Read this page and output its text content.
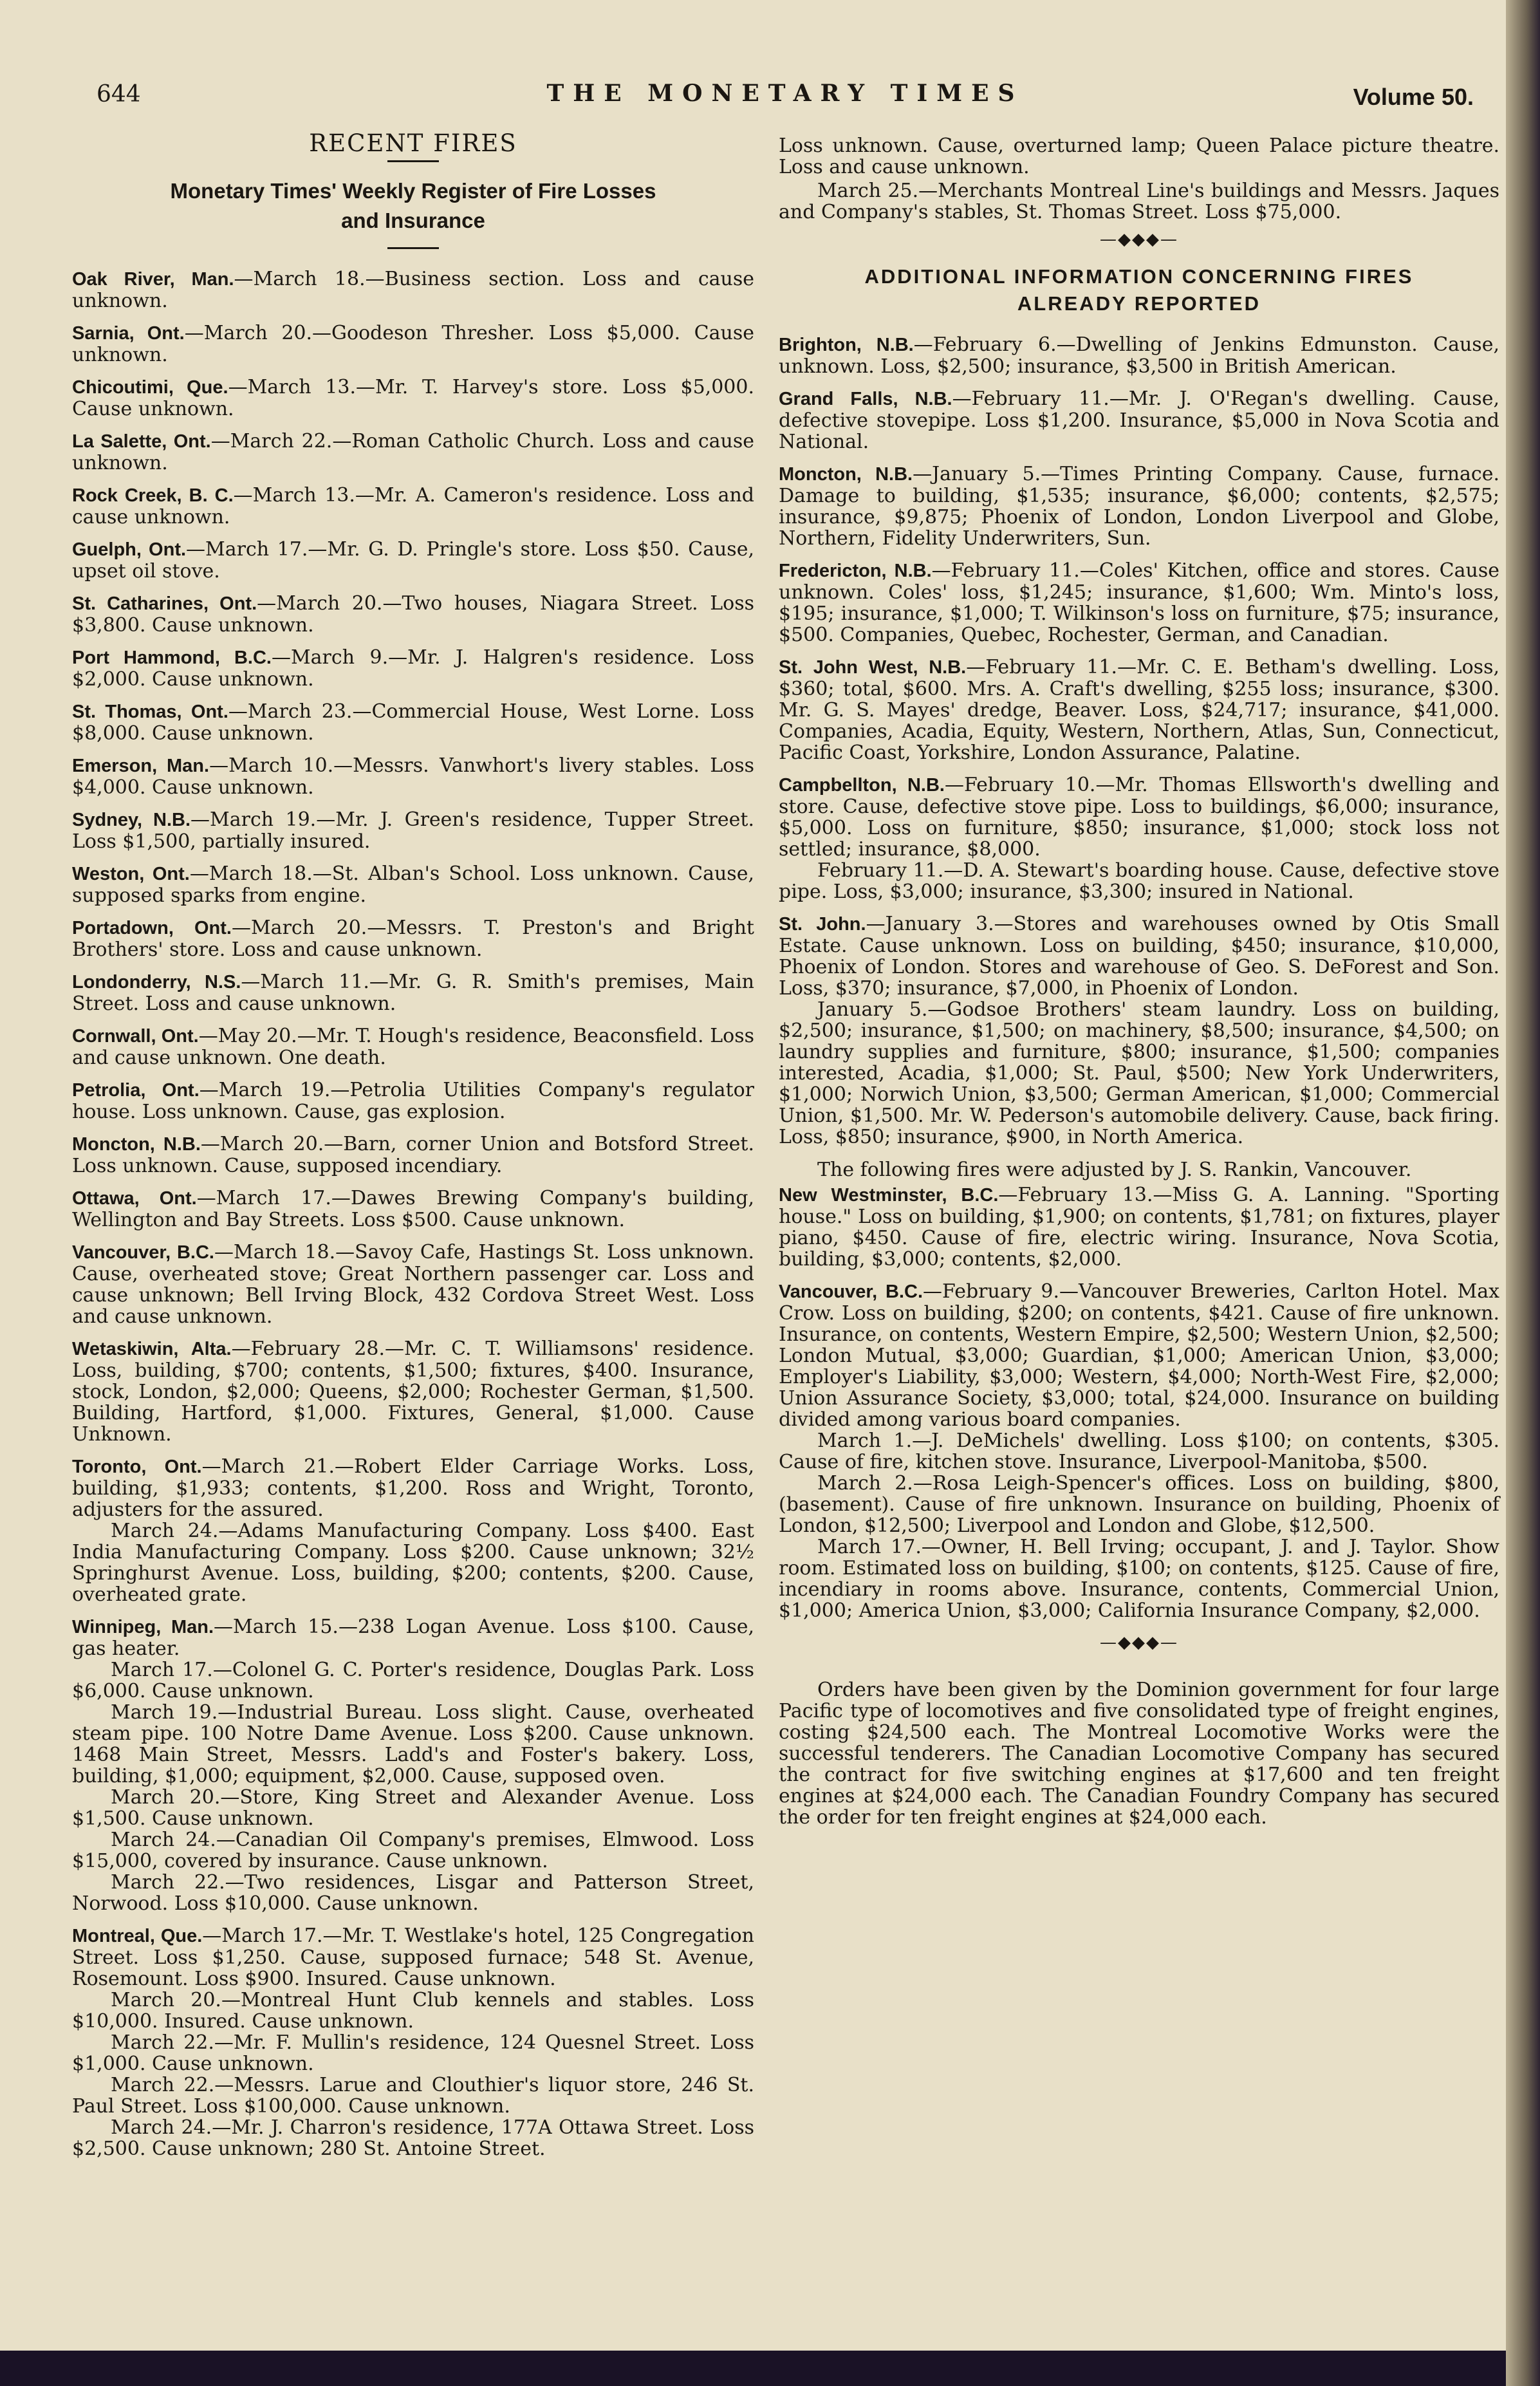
644	THE MONETARY TIMES	Volume 50.
RECENT FIRES
Monetary Times' Weekly Register of Fire Losses
and Insurance

Oak River, Man.—March 18.—Business section. Loss and cause unknown.

Sarnia, Ont.—March 20.—Goodeson Thresher. Loss $5,000. Cause unknown.

Chicoutimi, Que.—March 13.—Mr. T. Harvey's store. Loss $5,000. Cause unknown.

La Salette, Ont.—March 22.—Roman Catholic Church. Loss and cause unknown.

Rock Creek, B. C.—March 13.—Mr. A. Cameron's residence. Loss and cause unknown.

Guelph, Ont.—March 17.—Mr. G. D. Pringle's store. Loss $50. Cause, upset oil stove.

St. Catharines, Ont.—March 20.—Two houses, Niagara Street. Loss $3,800. Cause unknown.

Port Hammond, B.C.—March 9.—Mr. J. Halgren's residence. Loss $2,000. Cause unknown.

St. Thomas, Ont.—March 23.—Commercial House, West Lorne. Loss $8,000. Cause unknown.

Emerson, Man.—March 10.—Messrs. Vanwhort's livery stables. Loss $4,000. Cause unknown.

Sydney, N.B.—March 19.—Mr. J. Green's residence, Tupper Street. Loss $1,500, partially insured.

Weston, Ont.—March 18.—St. Alban's School. Loss unknown. Cause, supposed sparks from engine.

Portadown, Ont.—March 20.—Messrs. T. Preston's and Bright Brothers' store. Loss and cause unknown.

Londonderry, N.S.—March 11.—Mr. G. R. Smith's premises, Main Street. Loss and cause unknown.

Cornwall, Ont.—May 20.—Mr. T. Hough's residence, Beaconsfield. Loss and cause unknown. One death.

Petrolia, Ont.—March 19.—Petrolia Utilities Company's regulator house. Loss unknown. Cause, gas explosion.

Moncton, N.B.—March 20.—Barn, corner Union and Botsford Street. Loss unknown. Cause, supposed incendiary.

Ottawa, Ont.—March 17.—Dawes Brewing Company's building, Wellington and Bay Streets. Loss $500. Cause unknown.

Vancouver, B.C.—March 18.—Savoy Cafe, Hastings St. Loss unknown. Cause, overheated stove; Great Northern passenger car. Loss and cause unknown; Bell Irving Block, 432 Cordova Street West. Loss and cause unknown.

Wetaskiwin, Alta.—February 28.—Mr. C. T. Williamsons' residence. Loss, building, $700; contents, $1,500; fixtures, $400. Insurance, stock, London, $2,000; Queens, $2,000; Rochester German, $1,500. Building, Hartford, $1,000. Fixtures, General, $1,000. Cause Unknown.

Toronto, Ont.—March 21.—Robert Elder Carriage Works. Loss, building, $1,933; contents, $1,200. Ross and Wright, Toronto, adjusters for the assured.

March 24.—Adams Manufacturing Company. Loss $400. East India Manufacturing Company. Loss $200. Cause unknown; 32½ Springhurst Avenue. Loss, building, $200; contents, $200. Cause, overheated grate.

Winnipeg, Man.—March 15.—238 Logan Avenue. Loss $100. Cause, gas heater.

March 17.—Colonel G. C. Porter's residence, Douglas Park. Loss $6,000. Cause unknown.

March 19.—Industrial Bureau. Loss slight. Cause, overheated steam pipe. 100 Notre Dame Avenue. Loss $200. Cause unknown. 1468 Main Street, Messrs. Ladd's and Foster's bakery. Loss, building, $1,000; equipment, $2,000. Cause, supposed oven.

March 20.—Store, King Street and Alexander Avenue. Loss $1,500. Cause unknown.

March 24.—Canadian Oil Company's premises, Elmwood. Loss $15,000, covered by insurance. Cause unknown.

March 22.—Two residences, Lisgar and Patterson Street, Norwood. Loss $10,000. Cause unknown.

Montreal, Que.—March 17.—Mr. T. Westlake's hotel, 125 Congregation Street. Loss $1,250. Cause, supposed furnace; 548 St. Avenue, Rosemount. Loss $900. Insured. Cause unknown.

March 20.—Montreal Hunt Club kennels and stables. Loss $10,000. Insured. Cause unknown.

March 22.—Mr. F. Mullin's residence, 124 Quesnel Street. Loss $1,000. Cause unknown.

March 22.—Messrs. Larue and Clouthier's liquor store, 246 St. Paul Street. Loss $100,000. Cause unknown.

March 24.—Mr. J. Charron's residence, 177A Ottawa Street. Loss $2,500. Cause unknown; 280 St. Antoine Street.

Loss unknown. Cause, overturned lamp; Queen Palace picture theatre. Loss and cause unknown.

March 25.—Merchants Montreal Line's buildings and Messrs. Jaques and Company's stables, St. Thomas Street. Loss $75,000.

—◆◆◆—
ADDITIONAL INFORMATION CONCERNING FIRES
ALREADY REPORTED

Brighton, N.B.—February 6.—Dwelling of Jenkins Edmunston. Cause, unknown. Loss, $2,500; insurance, $3,500 in British American.

Grand Falls, N.B.—February 11.—Mr. J. O'Regan's dwelling. Cause, defective stovepipe. Loss $1,200. Insurance, $5,000 in Nova Scotia and National.

Moncton, N.B.—January 5.—Times Printing Company. Cause, furnace. Damage to building, $1,535; insurance, $6,000; contents, $2,575; insurance, $9,875; Phoenix of London, London Liverpool and Globe, Northern, Fidelity Underwriters, Sun.

Fredericton, N.B.—February 11.—Coles' Kitchen, office and stores. Cause unknown. Coles' loss, $1,245; insurance, $1,600; Wm. Minto's loss, $195; insurance, $1,000; T. Wilkinson's loss on furniture, $75; insurance, $500. Companies, Quebec, Rochester, German, and Canadian.

St. John West, N.B.—February 11.—Mr. C. E. Betham's dwelling. Loss, $360; total, $600. Mrs. A. Craft's dwelling, $255 loss; insurance, $300. Mr. G. S. Mayes' dredge, Beaver. Loss, $24,717; insurance, $41,000. Companies, Acadia, Equity, Western, Northern, Atlas, Sun, Connecticut, Pacific Coast, Yorkshire, London Assurance, Palatine.

Campbellton, N.B.—February 10.—Mr. Thomas Ellsworth's dwelling and store. Cause, defective stove pipe. Loss to buildings, $6,000; insurance, $5,000. Loss on furniture, $850; insurance, $1,000; stock loss not settled; insurance, $8,000.

February 11.—D. A. Stewart's boarding house. Cause, defective stove pipe. Loss, $3,000; insurance, $3,300; insured in National.

St. John.—January 3.—Stores and warehouses owned by Otis Small Estate. Cause unknown. Loss on building, $450; insurance, $10,000, Phoenix of London. Stores and warehouse of Geo. S. DeForest and Son. Loss, $370; insurance, $7,000, in Phoenix of London.

January 5.—Godsoe Brothers' steam laundry. Loss on building, $2,500; insurance, $1,500; on machinery, $8,500; insurance, $4,500; on laundry supplies and furniture, $800; insurance, $1,500; companies interested, Acadia, $1,000; St. Paul, $500; New York Underwriters, $1,000; Norwich Union, $3,500; German American, $1,000; Commercial Union, $1,500. Mr. W. Pederson's automobile delivery. Cause, back firing. Loss, $850; insurance, $900, in North America.

The following fires were adjusted by J. S. Rankin, Vancouver.

New Westminster, B.C.—February 13.—Miss G. A. Lanning. "Sporting house." Loss on building, $1,900; on contents, $1,781; on fixtures, player piano, $450. Cause of fire, electric wiring. Insurance, Nova Scotia, building, $3,000; contents, $2,000.

Vancouver, B.C.—February 9.—Vancouver Breweries, Carlton Hotel. Max Crow. Loss on building, $200; on contents, $421. Cause of fire unknown. Insurance, on contents, Western Empire, $2,500; Western Union, $2,500; London Mutual, $3,000; Guardian, $1,000; American Union, $3,000; Employer's Liability, $3,000; Western, $4,000; North-West Fire, $2,000; Union Assurance Society, $3,000; total, $24,000. Insurance on building divided among various board companies.

March 1.—J. DeMichels' dwelling. Loss $100; on contents, $305. Cause of fire, kitchen stove. Insurance, Liverpool-Manitoba, $500.

March 2.—Rosa Leigh-Spencer's offices. Loss on building, $800, (basement). Cause of fire unknown. Insurance on building, Phoenix of London, $12,500; Liverpool and London and Globe, $12,500.

March 17.—Owner, H. Bell Irving; occupant, J. and J. Taylor. Show room. Estimated loss on building, $100; on contents, $125. Cause of fire, incendiary in rooms above. Insurance, contents, Commercial Union, $1,000; America Union, $3,000; California Insurance Company, $2,000.

—◆◆◆—

Orders have been given by the Dominion government for four large Pacific type of locomotives and five consolidated type of freight engines, costing $24,500 each. The Montreal Locomotive Works were the successful tenderers. The Canadian Locomotive Company has secured the contract for five switching engines at $17,600 and ten freight engines at $24,000 each. The Canadian Foundry Company has secured the order for ten freight engines at $24,000 each.
